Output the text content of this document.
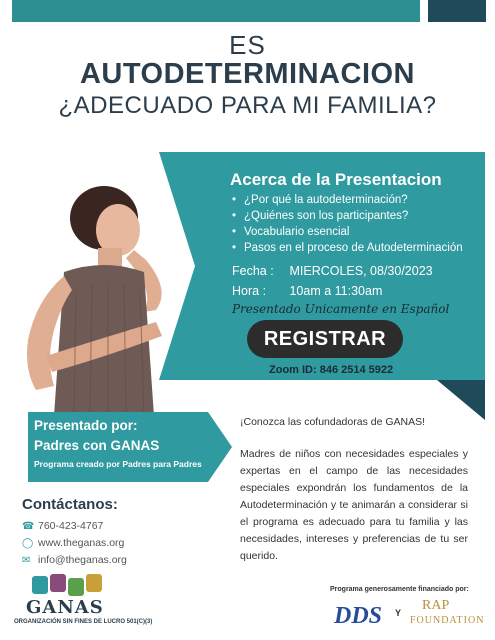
ES
AUTODETERMINACION
¿ADECUADO PARA MI FAMILIA?
Acerca de la Presentacion
• ¿Por qué la autodeterminación?
• ¿Quiénes son los participantes?
• Vocabulario esencial
• Pasos en el proceso de Autodeterminación
Fecha : MIERCOLES, 08/30/2023
Hora : 10am a 11:30am
Presentado Unicamente en Español
REGISTRAR
Zoom ID: 846 2514 5922
Presentado por:
Padres con GANAS
Programa creado por Padres para Padres
¡Conozca las cofundadoras de GANAS!
Madres de niños con necesidades especiales y expertas en el campo de las necesidades especiales expondrán los fundamentos de la Autodeterminación y te animarán a considerar si el programa es adecuado para tu familia y las necesidades, intereses y preferencias de tu ser querido.
Contáctanos:
☎ 760-423-4767
◯ www.theganas.org
✉ info@theganas.org
GANAS
ORGANIZACIÓN SIN FINES DE LUCRO 501(C)(3)
Programa generosamente financiado por:
DDS Y RAP
FOUNDATION
